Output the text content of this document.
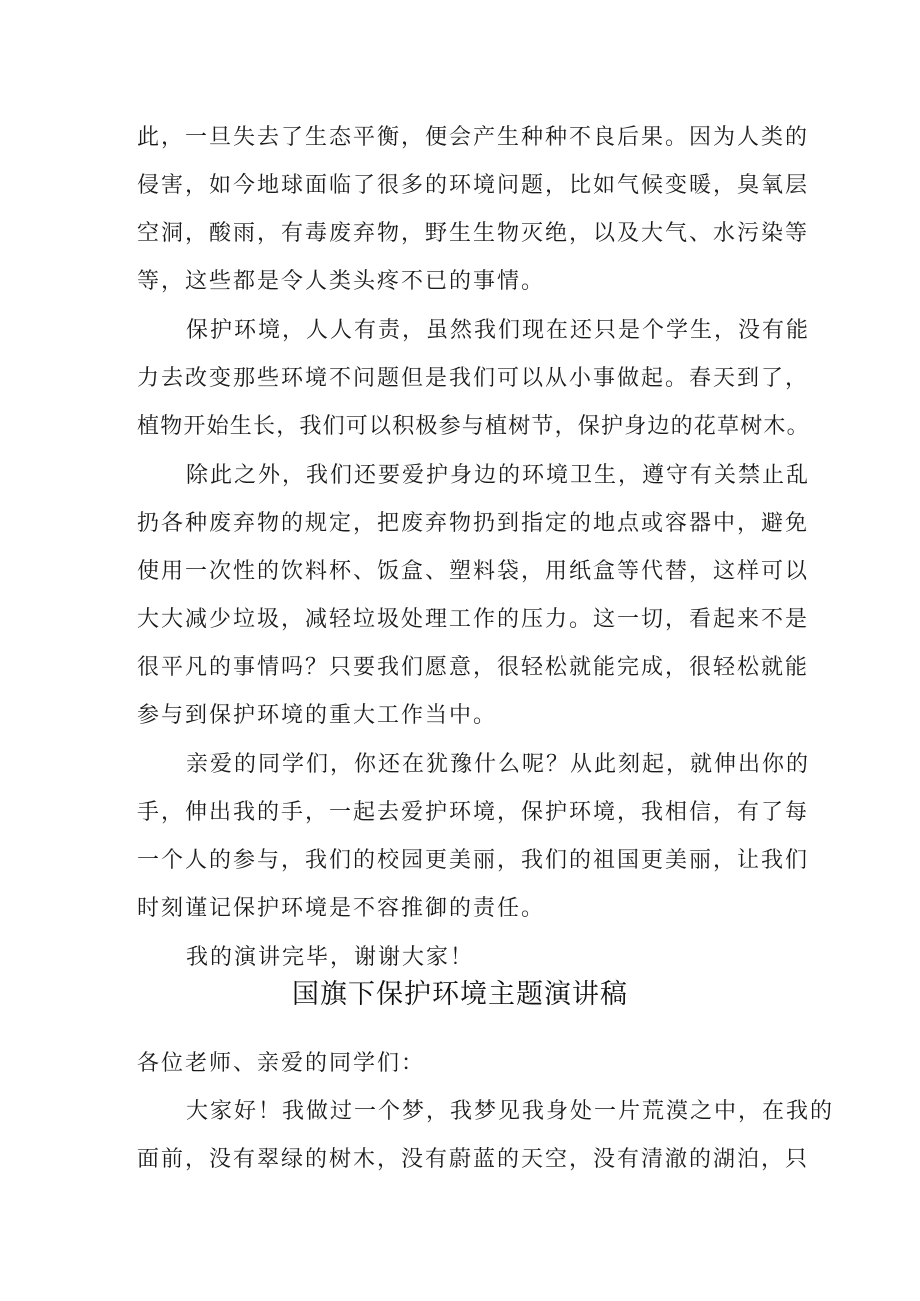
此，一旦失去了生态平衡，便会产生种种不良后果。因为人类的
侵害，如今地球面临了很多的环境问题，比如气候变暖，臭氧层
空洞，酸雨，有毒废弃物，野生生物灭绝，以及大气、水污染等
等，这些都是令人类头疼不已的事情。
保护环境，人人有责，虽然我们现在还只是个学生，没有能
力去改变那些环境不问题但是我们可以从小事做起。春天到了，
植物开始生长，我们可以积极参与植树节，保护身边的花草树木。
除此之外，我们还要爱护身边的环境卫生，遵守有关禁止乱
扔各种废弃物的规定，把废弃物扔到指定的地点或容器中，避免
使用一次性的饮料杯、饭盒、塑料袋，用纸盒等代替，这样可以
大大减少垃圾，减轻垃圾处理工作的压力。这一切，看起来不是
很平凡的事情吗？只要我们愿意，很轻松就能完成，很轻松就能
参与到保护环境的重大工作当中。
亲爱的同学们，你还在犹豫什么呢？从此刻起，就伸出你的
手，伸出我的手，一起去爱护环境，保护环境，我相信，有了每
一个人的参与，我们的校园更美丽，我们的祖国更美丽，让我们
时刻谨记保护环境是不容推御的责任。
我的演讲完毕，谢谢大家！
国旗下保护环境主题演讲稿
各位老师、亲爱的同学们：
大家好！我做过一个梦，我梦见我身处一片荒漠之中，在我的
面前，没有翠绿的树木，没有蔚蓝的天空，没有清澈的湖泊，只
